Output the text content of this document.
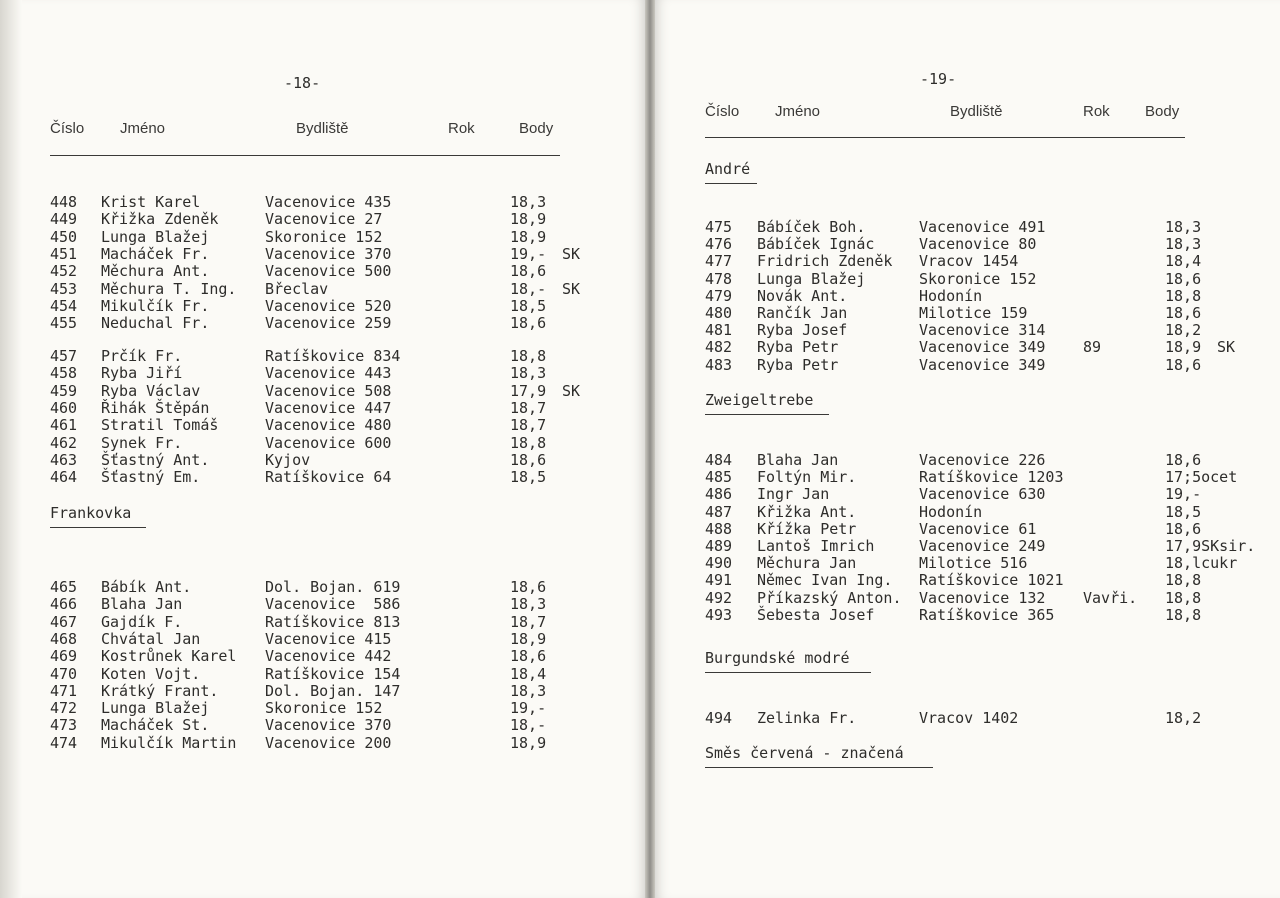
-18-
Číslo Jméno	Bydliště	Rok	Body
448 Krist Karel	Vacenovice 435	18,3
449 Křižka Zdeněk	Vacenovice 27	18,9
450 Lunga Blažej	Skoronice 152	18,9
451 Macháček Fr.	Vacenovice 370	19,- SK
452 Měchura Ant.	Vacenovice 500	18,6
453 Měchura T. Ing. Břeclav	18,- SK
454 Mikulčík Fr.	Vacenovice 520	18,5
455 Neduchal Fr.	Vacenovice 259	18,6
457 Prčík Fr.	Ratíškovice 834	18,8
458 Ryba Jiří	Vacenovice 443	18,3
459 Ryba Václav	Vacenovice 508	17,9 SK
460 Řihák Štěpán	Vacenovice 447	18,7
461 Stratil Tomáš	Vacenovice 480	18,7
462 Synek Fr.	Vacenovice 600	18,8
463 Šťastný Ant.	Kyjov	18,6
464 Šťastný Em.	Ratíškovice 64	18,5
Frankovka
465 Bábík Ant.	Dol. Bojan. 619	18,6
466 Blaha Jan	Vacenovice  586	18,3
467 Gajdík F.	Ratíškovice 813	18,7
468 Chvátal Jan	Vacenovice 415	18,9
469 Kostrůnek Karel Vacenovice 442	18,6
470 Koten Vojt.	Ratíškovice 154	18,4
471 Krátký Frant.	Dol. Bojan. 147	18,3
472 Lunga Blažej	Skoronice 152	19,-
473 Macháček St.	Vacenovice 370	18,-
474 Mikulčík Martin Vacenovice 200	18,9
-19-
Číslo Jméno	Bydliště	Rok Body
André
475 Bábíček Boh.	Vacenovice 491	18,3
476 Bábíček Ignác	Vacenovice 80	18,3
477 Fridrich Zdeněk Vracov 1454	18,4
478 Lunga Blažej	Skoronice 152	18,6
479 Novák Ant.	Hodonín	18,8
480 Rančík Jan	Milotice 159	18,6
481 Ryba Josef	Vacenovice 314	18,2
482 Ryba Petr	Vacenovice 349	89	18,9 SK
483 Ryba Petr	Vacenovice 349	18,6
Zweigeltrebe
484 Blaha Jan	Vacenovice 226	18,6
485 Foltýn Mir.	Ratíškovice 1203	17;5ocet
486 Ingr Jan	Vacenovice 630	19,-
487 Křižka Ant.	Hodonín	18,5
488 Křížka Petr	Vacenovice 61	18,6
489 Lantoš Imrich	Vacenovice 249	17,9SKsir.
490 Měchura Jan	Milotice 516	18,lcukr
491 Němec Ivan Ing. Ratíškovice 1021	18,8
492 Příkazský Anton. Vacenovice 132	Vavři. 18,8
493 Šebesta Josef	Ratíškovice 365	18,8
Burgundské modré
494 Zelinka Fr.	Vracov 1402	18,2
Směs červená - značená
